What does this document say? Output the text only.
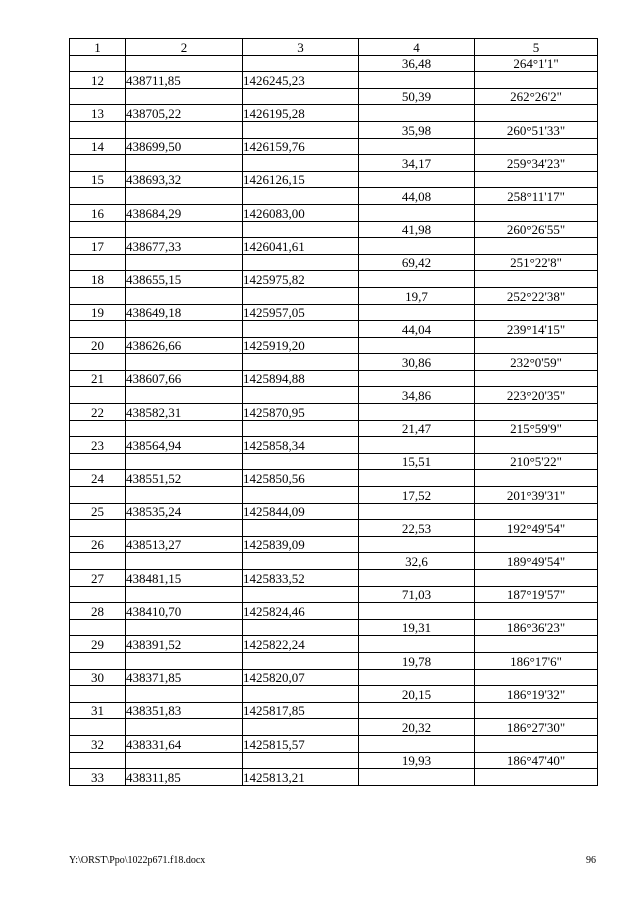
1	2	3	4	5
			36,48	264°1'1"
12	438711,85	1426245,23		
			50,39	262°26'2"
13	438705,22	1426195,28		
			35,98	260°51'33"
14	438699,50	1426159,76		
			34,17	259°34'23"
15	438693,32	1426126,15		
			44,08	258°11'17"
16	438684,29	1426083,00		
			41,98	260°26'55"
17	438677,33	1426041,61		
			69,42	251°22'8"
18	438655,15	1425975,82		
			19,7	252°22'38"
19	438649,18	1425957,05		
			44,04	239°14'15"
20	438626,66	1425919,20		
			30,86	232°0'59"
21	438607,66	1425894,88		
			34,86	223°20'35"
22	438582,31	1425870,95		
			21,47	215°59'9"
23	438564,94	1425858,34		
			15,51	210°5'22"
24	438551,52	1425850,56		
			17,52	201°39'31"
25	438535,24	1425844,09		
			22,53	192°49'54"
26	438513,27	1425839,09		
			32,6	189°49'54"
27	438481,15	1425833,52		
			71,03	187°19'57"
28	438410,70	1425824,46		
			19,31	186°36'23"
29	438391,52	1425822,24		
			19,78	186°17'6"
30	438371,85	1425820,07		
			20,15	186°19'32"
31	438351,83	1425817,85		
			20,32	186°27'30"
32	438331,64	1425815,57		
			19,93	186°47'40"
33	438311,85	1425813,21		
Y:\ORST\Ppo\1022p671.f18.docx	96
